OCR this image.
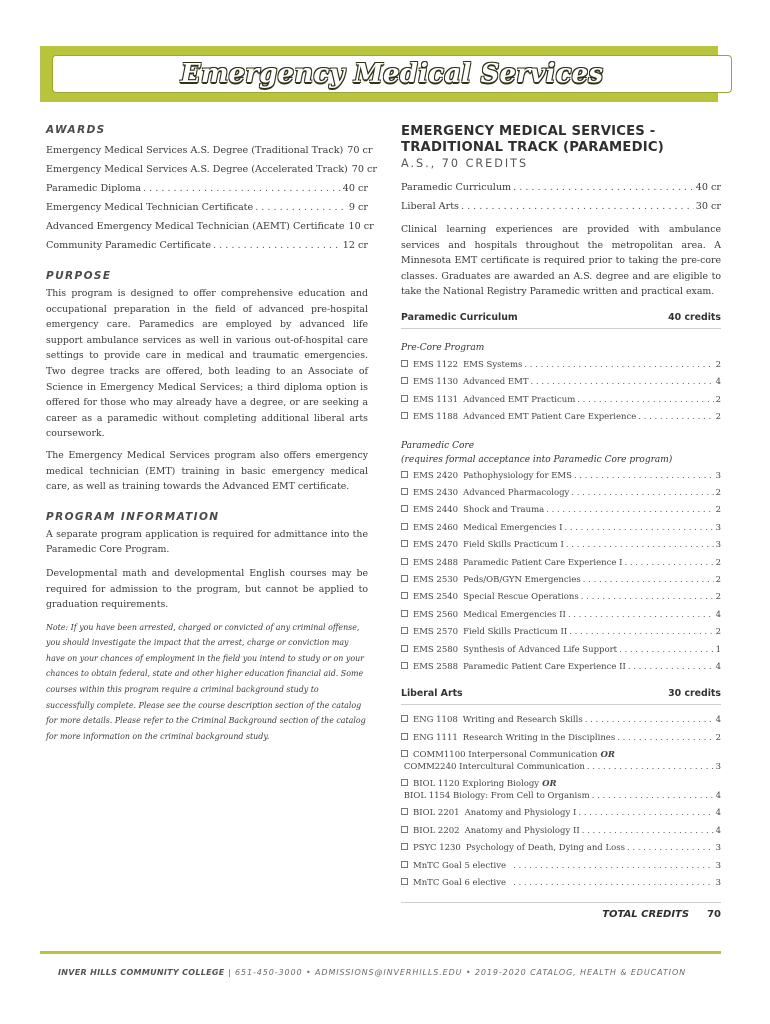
Emergency Medical Services
AWARDS
Emergency Medical Services A.S. Degree (Traditional Track) 70 cr
Emergency Medical Services A.S. Degree (Accelerated Track) 70 cr
Paramedic Diploma . . .	40 cr
Emergency Medical Technician Certificate . . .	9 cr
Advanced Emergency Medical Technician (AEMT) Certificate 10 cr
Community Paramedic Certificate . . .	12 cr
PURPOSE

This program is designed to offer comprehensive education and occupational preparation in the field of advanced pre-hospital emergency care. Paramedics are employed by advanced life support ambulance services as well in various out-of-hospital care settings to provide care in medical and traumatic emergencies. Two degree tracks are offered, both leading to an Associate of Science in Emergency Medical Services; a third diploma option is offered for those who may already have a degree, or are seeking a career as a paramedic without completing additional liberal arts coursework.

The Emergency Medical Services program also offers emergency medical technician (EMT) training in basic emergency medical care, as well as training towards the Advanced EMT certificate.

PROGRAM INFORMATION

A separate program application is required for admittance into the Paramedic Core Program.

Developmental math and developmental English courses may be required for admission to the program, but cannot be applied to graduation requirements.

Note: If you have been arrested, charged or convicted of any criminal offense, you should investigate the impact that the arrest, charge or conviction may have on your chances of employment in the field you intend to study or on your chances to obtain federal, state and other higher education financial aid. Some courses within this program require a criminal background study to successfully complete. Please see the course description section of the catalog for more details. Please refer to the Criminal Background section of the catalog for more information on the criminal background study.

EMERGENCY MEDICAL SERVICES -
TRADITIONAL TRACK (PARAMEDIC)
A.S., 70 CREDITS
Paramedic Curriculum . . .	40 cr
Liberal Arts . . .	30 cr

Clinical learning experiences are provided with ambulance services and hospitals throughout the metropolitan area. A Minnesota EMT certificate is required prior to taking the pre-core classes. Graduates are awarded an A.S. degree and are eligible to take the National Registry Paramedic written and practical exam.

Paramedic Curriculum	40 credits
Pre-Core Program
EMS 1122 EMS Systems . . .	2
EMS 1130 Advanced EMT . . .	4
EMS 1131 Advanced EMT Practicum . . .	2
EMS 1188 Advanced EMT Patient Care Experience . . .	2
Paramedic Core
(requires formal acceptance into Paramedic Core program)
EMS 2420 Pathophysiology for EMS . . .	3
EMS 2430 Advanced Pharmacology . . .	2
EMS 2440 Shock and Trauma . . .	2
EMS 2460 Medical Emergencies I . . .	3
EMS 2470 Field Skills Practicum I . . .	3
EMS 2488 Paramedic Patient Care Experience I . . .	2
EMS 2530 Peds/OB/GYN Emergencies . . .	2
EMS 2540 Special Rescue Operations . . .	2
EMS 2560 Medical Emergencies II . . .	4
EMS 2570 Field Skills Practicum II . . .	2
EMS 2580 Synthesis of Advanced Life Support . . .	1
EMS 2588 Paramedic Patient Care Experience II . . .	4
Liberal Arts	30 credits
ENG 1108 Writing and Research Skills . . .	4
ENG 1111 Research Writing in the Disciplines . . .	2
COMM1100 Interpersonal Communication OR
COMM2240 Intercultural Communication . . .	3
BIOL 1120 Exploring Biology OR
BIOL 1154 Biology: From Cell to Organism . . .	4
BIOL 2201 Anatomy and Physiology I . . .	4
BIOL 2202 Anatomy and Physiology II . . .	4
PSYC 1230 Psychology of Death, Dying and Loss . . .	3
MnTC Goal 5 elective . . .	3
MnTC Goal 6 elective . . .	3
TOTAL CREDITS 70
INVER HILLS COMMUNITY COLLEGE | 651-450-3000 • ADMISSIONS@INVERHILLS.EDU • 2019-2020 CATALOG, HEALTH & EDUCATION
